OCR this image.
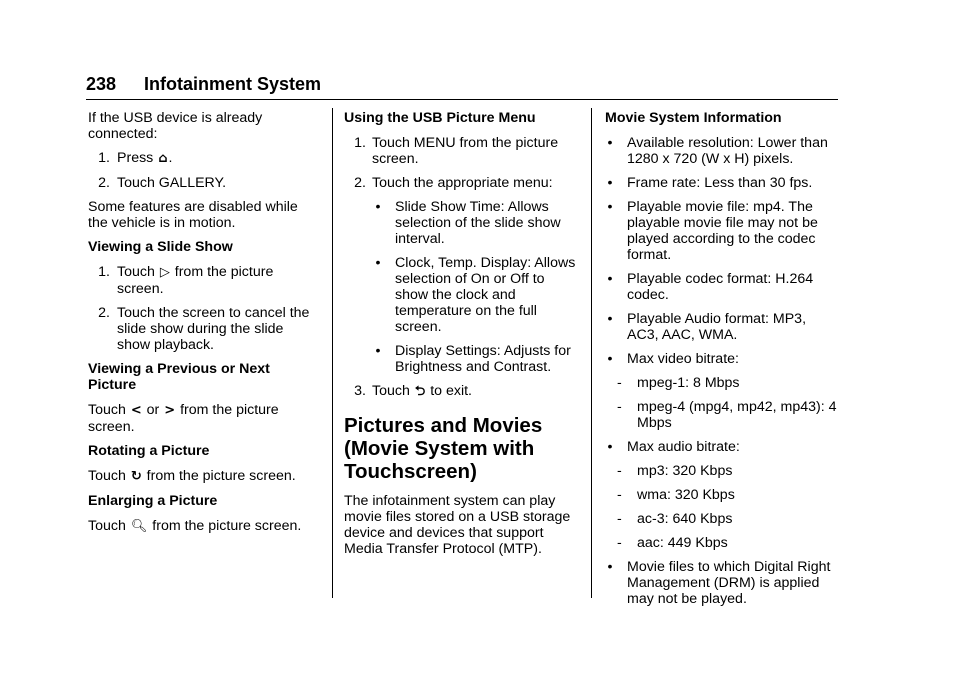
238 Infotainment System

If the USB device is already connected:

1. Press ⌂.
2. Touch GALLERY.

Some features are disabled while the vehicle is in motion.

Viewing a Slide Show

1. Touch ▷ from the picture screen.
2. Touch the screen to cancel the slide show during the slide show playback.

Viewing a Previous or Next Picture

Touch < or > from the picture screen.

Rotating a Picture

Touch ↻ from the picture screen.

Enlarging a Picture

Touch 🔍︎ from the picture screen.

Using the USB Picture Menu

1. Touch MENU from the picture screen.
2. Touch the appropriate menu:
• Slide Show Time: Allows selection of the slide show interval.
• Clock, Temp. Display: Allows selection of On or Off to show the clock and temperature on the full screen.
• Display Settings: Adjusts for Brightness and Contrast.
3. Touch ⮌ to exit.

Pictures and Movies (Movie System with Touchscreen)

The infotainment system can play movie files stored on a USB storage device and devices that support Media Transfer Protocol (MTP).

Movie System Information

• Available resolution: Lower than 1280 x 720 (W x H) pixels.
• Frame rate: Less than 30 fps.
• Playable movie file: mp4. The playable movie file may not be played according to the codec format.
• Playable codec format: H.264 codec.
• Playable Audio format: MP3, AC3, AAC, WMA.
• Max video bitrate:
- mpeg-1: 8 Mbps
- mpeg-4 (mpg4, mp42, mp43): 4 Mbps
• Max audio bitrate:
- mp3: 320 Kbps
- wma: 320 Kbps
- ac-3: 640 Kbps
- aac: 449 Kbps
• Movie files to which Digital Right Management (DRM) is applied may not be played.
